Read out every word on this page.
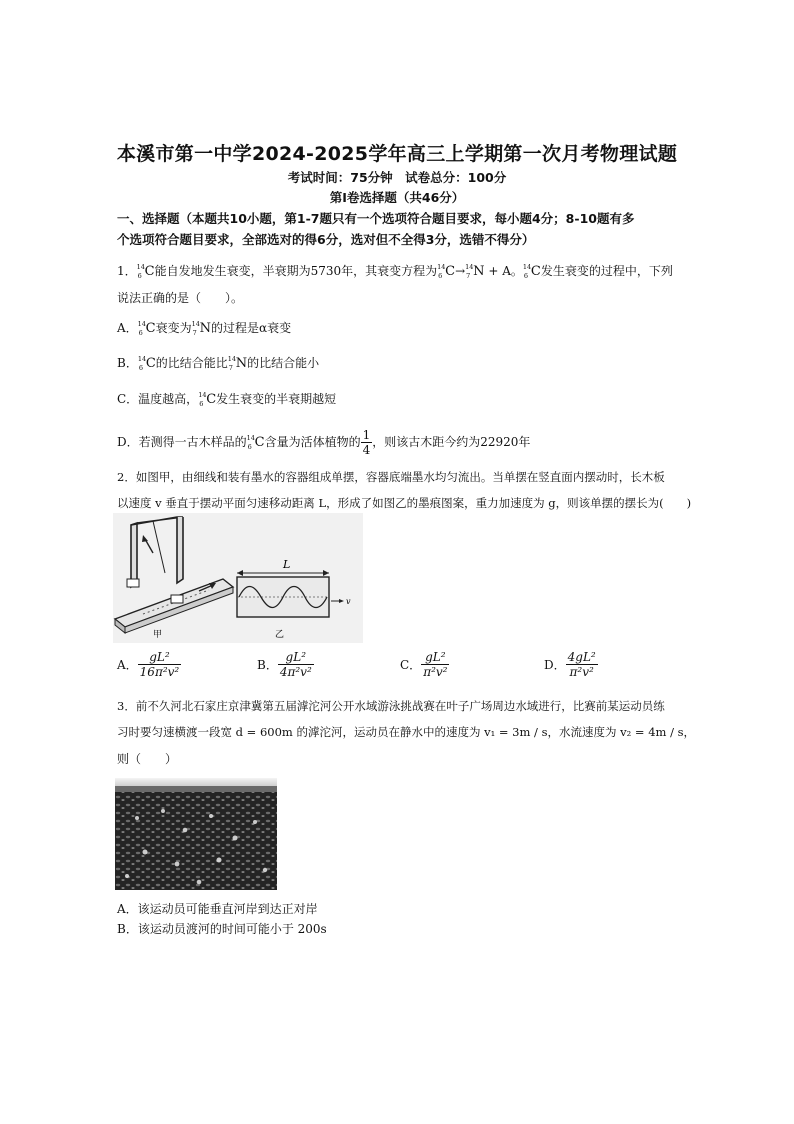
本溪市第一中学2024-2025学年高三上学期第一次月考物理试题
考试时间：75分钟　试卷总分：100分
第Ⅰ卷选择题（共46分）
一、选择题（本题共10小题，第1-7题只有一个选项符合题目要求，每小题4分；8-10题有多
个选项符合题目要求，全部选对的得6分，选对但不全得3分，选错不得分）
1． 14
6 C能自发地发生衰变，半衰期为5730年，其衰变方程为 14
6 C→ 14
7 N + A。 14
6 C发生衰变的过程中，下列
说法正确的是（　　）。
A． 14
6 C衰变为 14
7 N的过程是α衰变
B． 14
6 C的比结合能比 14
7 N的比结合能小
C．温度越高， 14
6 C发生衰变的半衰期越短
D．若测得一古木样品的 14
6 C含量为活体植物的 $\frac{1}{4}$ ，则该古木距今约为22920年
2．如图甲，由细线和装有墨水的容器组成单摆，容器底端墨水均匀流出。当单摆在竖直面内摆动时，长木板
以速度 v 垂直于摆动平面匀速移动距离 L，形成了如图乙的墨痕图案，重力加速度为 g，则该单摆的摆长为(　　)
甲
L
v
乙
A． $\frac{\text{gL²}}{\text{16π²v²}}$	B． $\frac{\text{gL²}}{\text{4π²v²}}$	C． $\frac{\text{gL²}}{\text{π²v²}}$	D． $\frac{\text{4gL²}}{\text{π²v²}}$
3．前不久河北石家庄京津冀第五届滹沱河公开水域游泳挑战赛在叶子广场周边水域进行，比赛前某运动员练
习时要匀速横渡一段宽 d = 600m 的滹沱河，运动员在静水中的速度为 v₁ = 3m / s，水流速度为 v₂ = 4m / s，
则（　　）
A．该运动员可能垂直河岸到达正对岸
B．该运动员渡河的时间可能小于 200s
